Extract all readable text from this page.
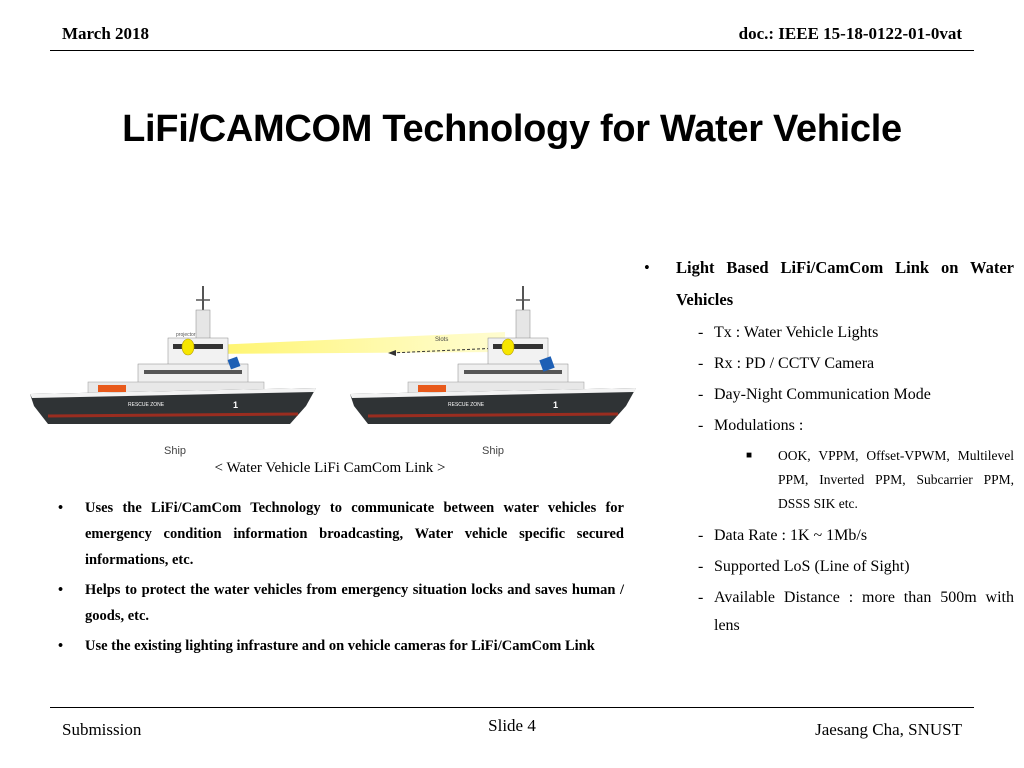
March 2018	doc.: IEEE 15-18-0122-01-0vat
LiFi/CAMCOM Technology for Water Vehicle
Slots
RESCUE ZONE	1
projector
Ship
RESCUE ZONE	1
Ship
< Water Vehicle LiFi CamCom Link >
• Uses the LiFi/CamCom Technology to communicate between water vehicles for emergency condition information broadcasting, Water vehicle specific secured informations, etc.
• Helps to protect the water vehicles from emergency situation locks and saves human / goods, etc.
• Use the existing lighting infrasture and on vehicle cameras for LiFi/CamCom Link
• Light Based LiFi/CamCom Link on Water Vehicles
- Tx : Water Vehicle Lights
- Rx : PD / CCTV Camera
- Day-Night Communication Mode
- Modulations :
■ OOK, VPPM, Offset-VPWM, Multilevel PPM, Inverted PPM, Subcarrier PPM, DSSS SIK etc.
- Data Rate : 1K ~ 1Mb/s
- Supported LoS (Line of Sight)
- Available Distance : more than 500m with lens
Submission	Slide 4	Jaesang Cha, SNUST
